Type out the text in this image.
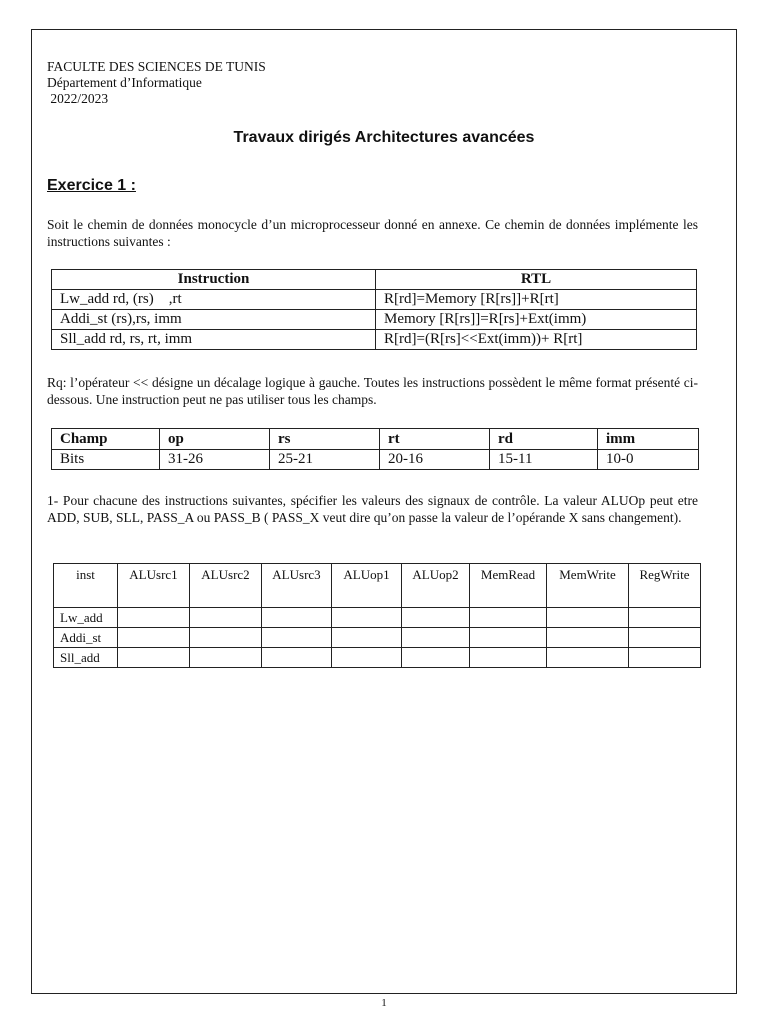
FACULTE DES SCIENCES DE TUNIS
Département d’Informatique
2022/2023
Travaux dirigés Architectures avancées
Exercice 1 :
Soit le chemin de données monocycle d’un microprocesseur donné en annexe. Ce chemin de données implémente les instructions suivantes :
Instruction	RTL
Lw_add rd, (rs)    ,rt	R[rd]=Memory [R[rs]]+R[rt]
Addi_st (rs),rs, imm	Memory [R[rs]]=R[rs]+Ext(imm)
Sll_add rd, rs, rt, imm	R[rd]=(R[rs]<<Ext(imm))+ R[rt]
Rq: l’opérateur << désigne un décalage logique à gauche. Toutes les instructions possèdent le même format présenté ci-dessous. Une instruction peut ne pas utiliser tous les champs.
Champ	op	rs	rt	rd	imm
Bits	31-26	25-21	20-16	15-11	10-0
1- Pour chacune des instructions suivantes, spécifier les valeurs des signaux de contrôle. La valeur ALUOp peut etre ADD, SUB, SLL, PASS_A ou PASS_B ( PASS_X veut dire qu’on passe la valeur de l’opérande X sans changement).
inst	ALUsrc1	ALUsrc2	ALUsrc3	ALUop1	ALUop2	MemRead	MemWrite	RegWrite
Lw_add								
Addi_st								
Sll_add								
1
